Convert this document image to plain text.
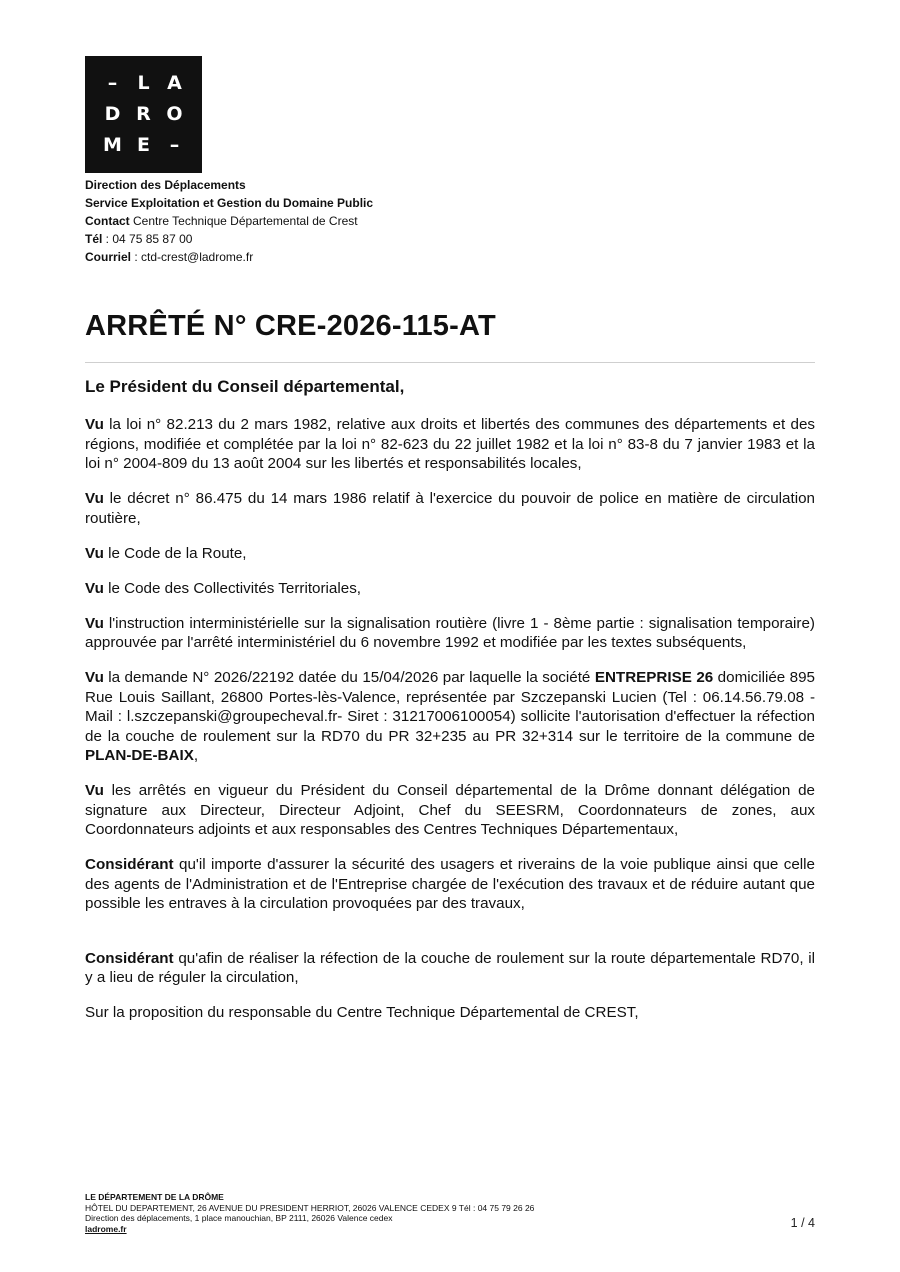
–	L A
D R O
M E	–
Direction des Déplacements
Service Exploitation et Gestion du Domaine Public
Contact Centre Technique Départemental de Crest
Tél : 04 75 85 87 00
Courriel : ctd-crest@ladrome.fr
ARRÊTÉ N° CRE-2026-115-AT

Le Président du Conseil départemental,

Vu la loi n° 82.213 du 2 mars 1982, relative aux droits et libertés des communes des départements et des régions, modifiée et complétée par la loi n° 82-623 du 22 juillet 1982 et la loi n° 83-8 du 7 janvier 1983 et la loi n° 2004-809 du 13 août 2004 sur les libertés et responsabilités locales,

Vu le décret n° 86.475 du 14 mars 1986 relatif à l'exercice du pouvoir de police en matière de circulation routière,

Vu le Code de la Route,

Vu le Code des Collectivités Territoriales,

Vu l'instruction interministérielle sur la signalisation routière (livre 1 - 8ème partie : signalisation temporaire) approuvée par l'arrêté interministériel du 6 novembre 1992 et modifiée par les textes subséquents,

Vu la demande N° 2026/22192 datée du 15/04/2026 par laquelle la société ENTREPRISE 26 domiciliée 895 Rue Louis Saillant, 26800 Portes-lès-Valence, représentée par Szczepanski Lucien (Tel : 06.14.56.79.08 - Mail : l.szczepanski@groupecheval.fr- Siret : 31217006100054) sollicite l'autorisation d'effectuer la réfection de la couche de roulement sur la RD70 du PR 32+235 au PR 32+314 sur le territoire de la commune de PLAN-DE-BAIX,

Vu les arrêtés en vigueur du Président du Conseil départemental de la Drôme donnant délégation de signature aux Directeur, Directeur Adjoint, Chef du SEESRM, Coordonnateurs de zones, aux Coordonnateurs adjoints et aux responsables des Centres Techniques Départementaux,

Considérant qu'il importe d'assurer la sécurité des usagers et riverains de la voie publique ainsi que celle des agents de l'Administration et de l'Entreprise chargée de l'exécution des travaux et de réduire autant que possible les entraves à la circulation provoquées par des travaux,

Considérant qu'afin de réaliser la réfection de la couche de roulement sur la route départementale RD70, il y a lieu de réguler la circulation,

Sur la proposition du responsable du Centre Technique Départemental de CREST,

LE DÉPARTEMENT DE LA DRÔME
HÔTEL DU DEPARTEMENT, 26 AVENUE DU PRESIDENT HERRIOT, 26026 VALENCE CEDEX 9 Tél : 04 75 79 26 26
Direction des déplacements, 1 place manouchian, BP 2111, 26026 Valence cedex
ladrome.fr	1 / 4
